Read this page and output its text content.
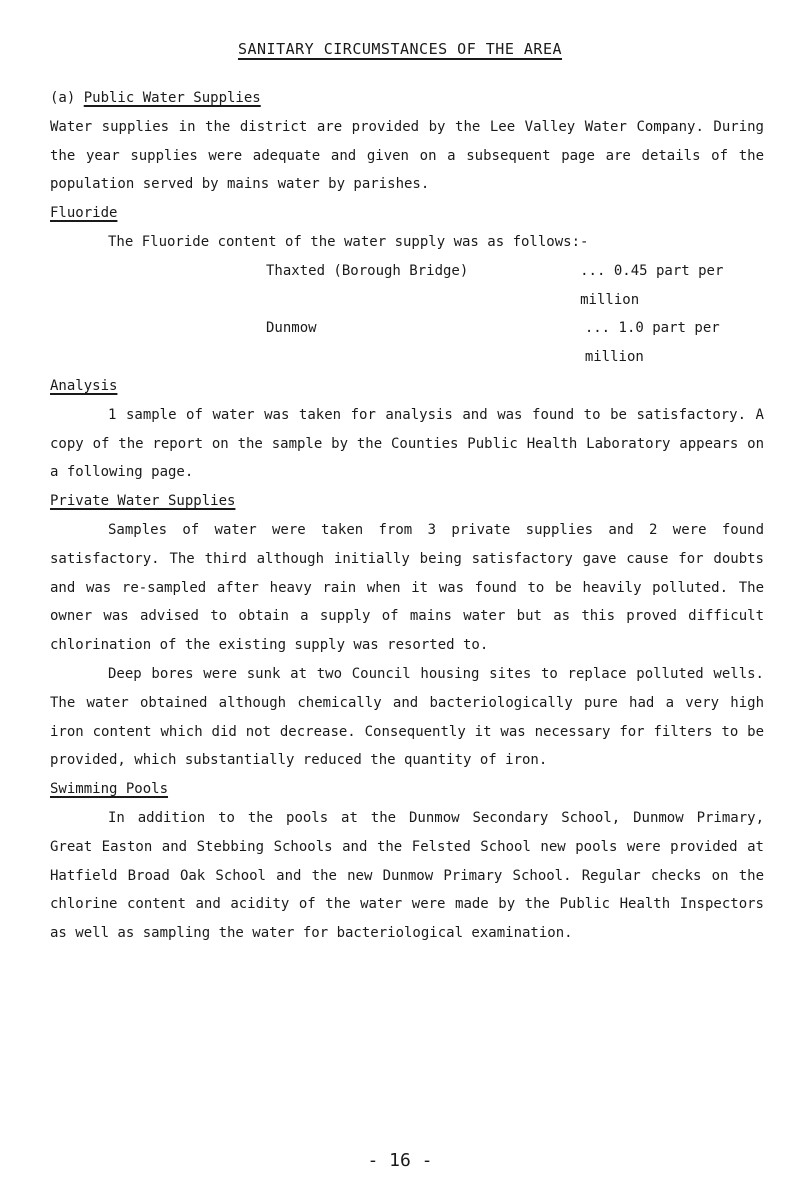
SANITARY CIRCUMSTANCES OF THE AREA

(a) Public Water Supplies

Water supplies in the district are provided by the Lee Valley Water Company. During the year supplies were adequate and given on a subsequent page are details of the population served by mains water by parishes.

Fluoride

The Fluoride content of the water supply was as follows:-

Thaxted (Borough Bridge)	... 0.45 part per million
Dunmow	... 1.0 part per million

Analysis

1 sample of water was taken for analysis and was found to be satisfactory. A copy of the report on the sample by the Counties Public Health Laboratory appears on a following page.

Private Water Supplies

Samples of water were taken from 3 private supplies and 2 were found satisfactory. The third although initially being satisfactory gave cause for doubts and was re-sampled after heavy rain when it was found to be heavily polluted. The owner was advised to obtain a supply of mains water but as this proved difficult chlorination of the existing supply was resorted to.

Deep bores were sunk at two Council housing sites to replace polluted wells. The water obtained although chemically and bacteriologically pure had a very high iron content which did not decrease. Consequently it was necessary for filters to be provided, which substantially reduced the quantity of iron.

Swimming Pools

In addition to the pools at the Dunmow Secondary School, Dunmow Primary, Great Easton and Stebbing Schools and the Felsted School new pools were provided at Hatfield Broad Oak School and the new Dunmow Primary School. Regular checks on the chlorine content and acidity of the water were made by the Public Health Inspectors as well as sampling the water for bacteriological examination.

- 16 -
